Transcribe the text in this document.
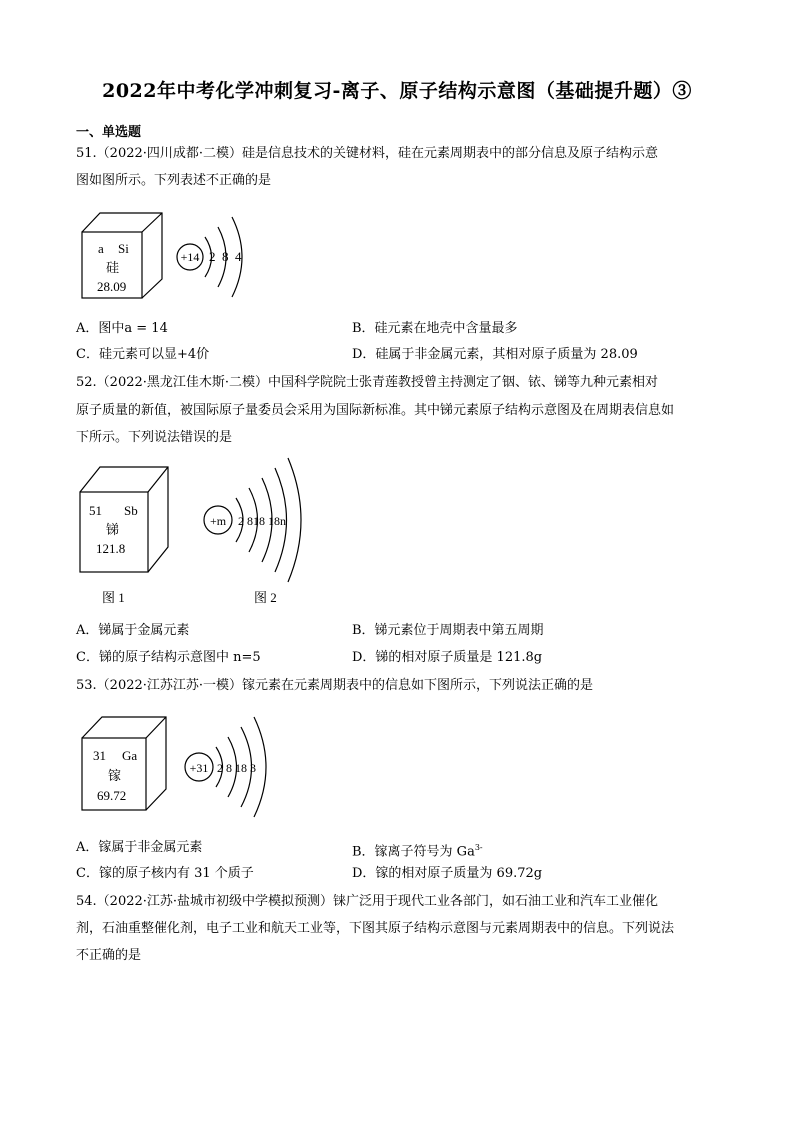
2022年中考化学冲刺复习-离子、原子结构示意图（基础提升题）③
一、单选题
51.（2022·四川成都·二模）硅是信息技术的关键材料，硅在元素周期表中的部分信息及原子结构示意
图如图所示。下列表述不正确的是
a Si
硅
28.09
+14 2  8  4
51 Sb
锑
121.8
+m 2 818 18n
图 1	图 2
31 Ga
镓
69.72
+31 2 8 18 3
A．图中a = 14	B．硅元素在地壳中含量最多
C．硅元素可以显+4价	D．硅属于非金属元素，其相对原子质量为 28.09
52.（2022·黑龙江佳木斯·二模）中国科学院院士张青莲教授曾主持测定了铟、铱、锑等九种元素相对
原子质量的新值，被国际原子量委员会采用为国际新标准。其中锑元素原子结构示意图及在周期表信息如
下所示。下列说法错误的是
A．锑属于金属元素	B．锑元素位于周期表中第五周期
C．锑的原子结构示意图中 n=5	D．锑的相对原子质量是 121.8g
53.（2022·江苏江苏·一模）镓元素在元素周期表中的信息如下图所示，下列说法正确的是
A．镓属于非金属元素	B．镓离子符号为 $Ga^{3-}$
C．镓的原子核内有 31 个质子	D．镓的相对原子质量为 69.72g
54.（2022·江苏·盐城市初级中学模拟预测）铼广泛用于现代工业各部门，如石油工业和汽车工业催化
剂，石油重整催化剂，电子工业和航天工业等，下图其原子结构示意图与元素周期表中的信息。下列说法
不正确的是
